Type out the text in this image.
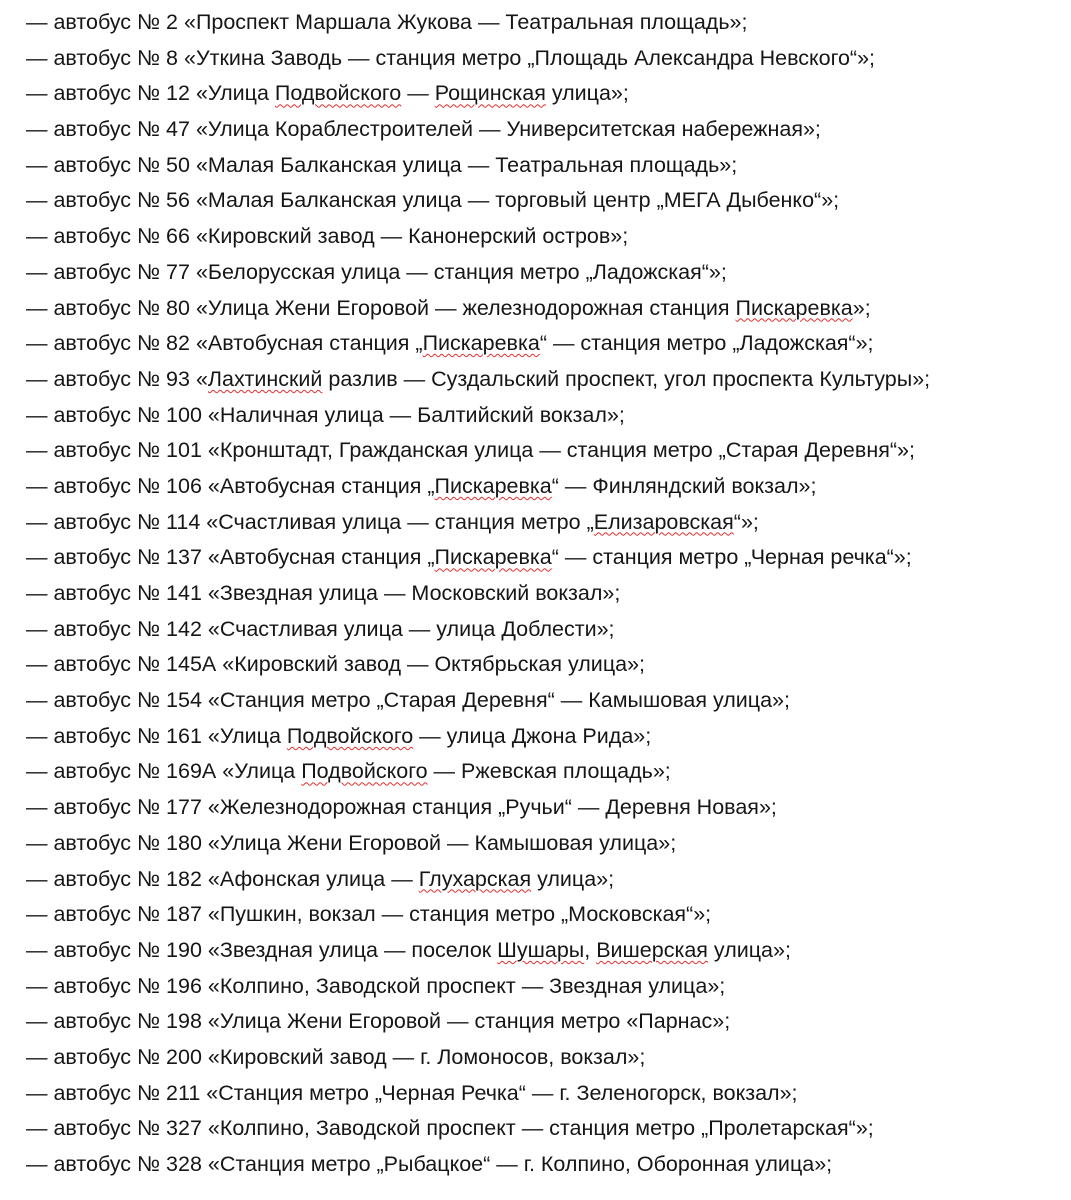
— автобус № 2 «Проспект Маршала Жукова — Театральная площадь»;
— автобус № 8 «Уткина Заводь — станция метро „Площадь Александра Невского“»;
— автобус № 12 «Улица Подвойского — Рощинская улица»;
— автобус № 47 «Улица Кораблестроителей — Университетская набережная»;
— автобус № 50 «Малая Балканская улица — Театральная площадь»;
— автобус № 56 «Малая Балканская улица — торговый центр „МЕГА Дыбенко“»;
— автобус № 66 «Кировский завод — Канонерский остров»;
— автобус № 77 «Белорусская улица — станция метро „Ладожская“»;
— автобус № 80 «Улица Жени Егоровой — железнодорожная станция Пискаревка»;
— автобус № 82 «Автобусная станция „Пискаревка“ — станция метро „Ладожская“»;
— автобус № 93 «Лахтинский разлив — Суздальский проспект, угол проспекта Культуры»;
— автобус № 100 «Наличная улица — Балтийский вокзал»;
— автобус № 101 «Кронштадт, Гражданская улица — станция метро „Старая Деревня“»;
— автобус № 106 «Автобусная станция „Пискаревка“ — Финляндский вокзал»;
— автобус № 114 «Счастливая улица — станция метро „Елизаровская“»;
— автобус № 137 «Автобусная станция „Пискаревка“ — станция метро „Черная речка“»;
— автобус № 141 «Звездная улица — Московский вокзал»;
— автобус № 142 «Счастливая улица — улица Доблести»;
— автобус № 145А «Кировский завод — Октябрьская улица»;
— автобус № 154 «Станция метро „Старая Деревня“ — Камышовая улица»;
— автобус № 161 «Улица Подвойского — улица Джона Рида»;
— автобус № 169А «Улица Подвойского — Ржевская площадь»;
— автобус № 177 «Железнодорожная станция „Ручьи“ — Деревня Новая»;
— автобус № 180 «Улица Жени Егоровой — Камышовая улица»;
— автобус № 182 «Афонская улица — Глухарская улица»;
— автобус № 187 «Пушкин, вокзал — станция метро „Московская“»;
— автобус № 190 «Звездная улица — поселок Шушары, Вишерская улица»;
— автобус № 196 «Колпино, Заводской проспект — Звездная улица»;
— автобус № 198 «Улица Жени Егоровой — станция метро «Парнас»;
— автобус № 200 «Кировский завод — г. Ломоносов, вокзал»;
— автобус № 211 «Станция метро „Черная Речка“ — г. Зеленогорск, вокзал»;
— автобус № 327 «Колпино, Заводской проспект — станция метро „Пролетарская“»;
— автобус № 328 «Станция метро „Рыбацкое“ — г. Колпино, Оборонная улица»;
